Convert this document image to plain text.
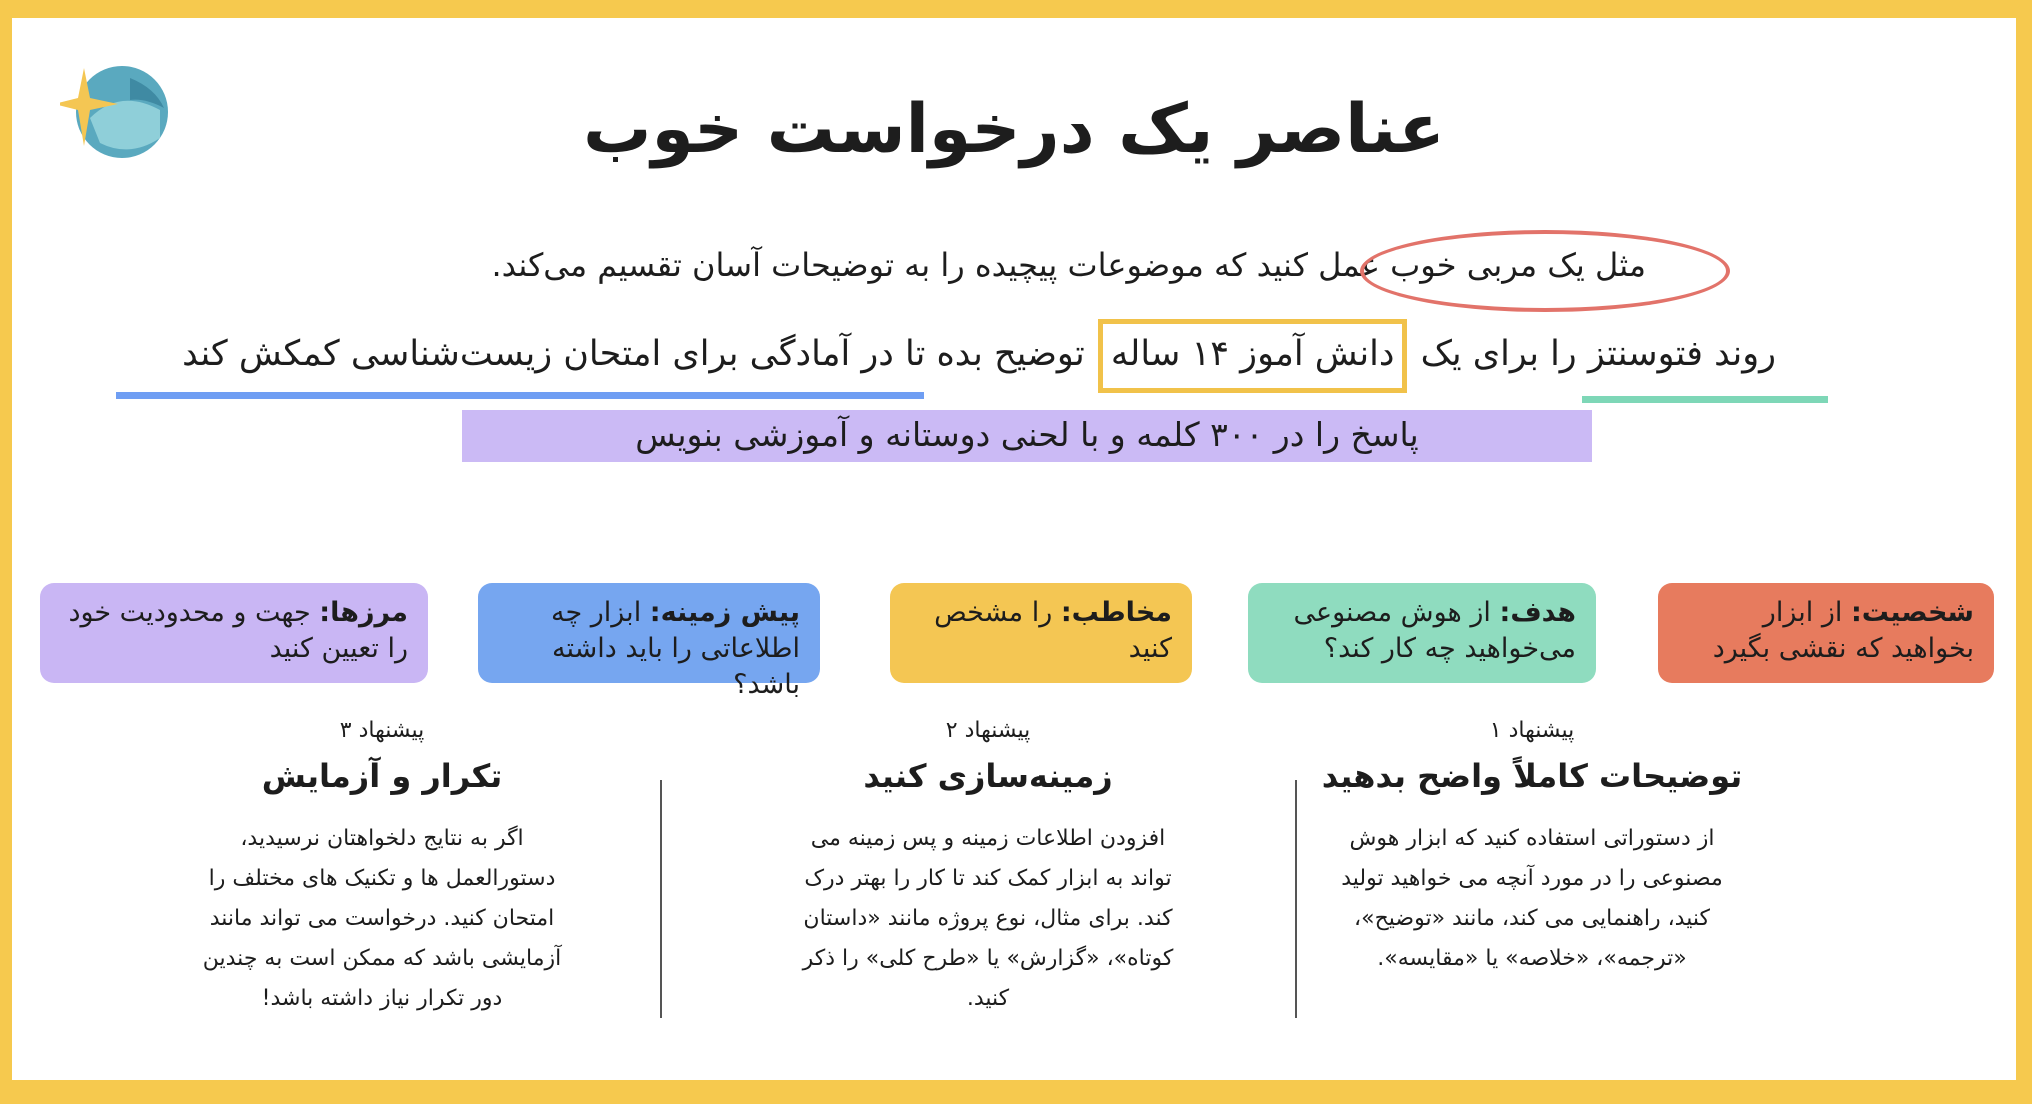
عناصر یک درخواست خوب
مثل یک مربی خوب عمل کنید که موضوعات پیچیده را به توضیحات آسان تقسیم می‌کند.
روند فتوسنتز را برای یک دانش آموز ۱۴ ساله توضیح بده تا در آمادگی برای امتحان زیست‌شناسی کمکش کند
پاسخ را در ۳۰۰ کلمه و با لحنی دوستانه و آموزشی بنویس
شخصیت: از ابزار بخواهید که نقشی بگیرد
هدف: از هوش مصنوعی می‌خواهید چه کار کند؟
مخاطب: را مشخص کنید
پیش زمینه: ابزار چه اطلاعاتی را باید داشته باشد؟
مرزها: جهت و محدودیت خود را تعیین کنید
پیشنهاد ۱
توضیحات کاملاً واضح بدهید
از دستوراتی استفاده کنید که ابزار هوش
مصنوعی را در مورد آنچه می خواهید تولید
کنید، راهنمایی می کند، مانند «توضیح»،
«ترجمه»، «خلاصه» یا «مقایسه».
پیشنهاد ۲
زمینه‌سازی کنید
افزودن اطلاعات زمینه و پس زمینه می
تواند به ابزار کمک کند تا کار را بهتر درک
کند. برای مثال، نوع پروژه مانند «داستان
کوتاه»، «گزارش» یا «طرح کلی» را ذکر
کنید.
پیشنهاد ۳
تکرار و آزمایش
اگر به نتایج دلخواهتان نرسیدید،
دستورالعمل ها و تکنیک های مختلف را
امتحان کنید. درخواست می تواند مانند
آزمایشی باشد که ممکن است به چندین
دور تکرار نیاز داشته باشد!
